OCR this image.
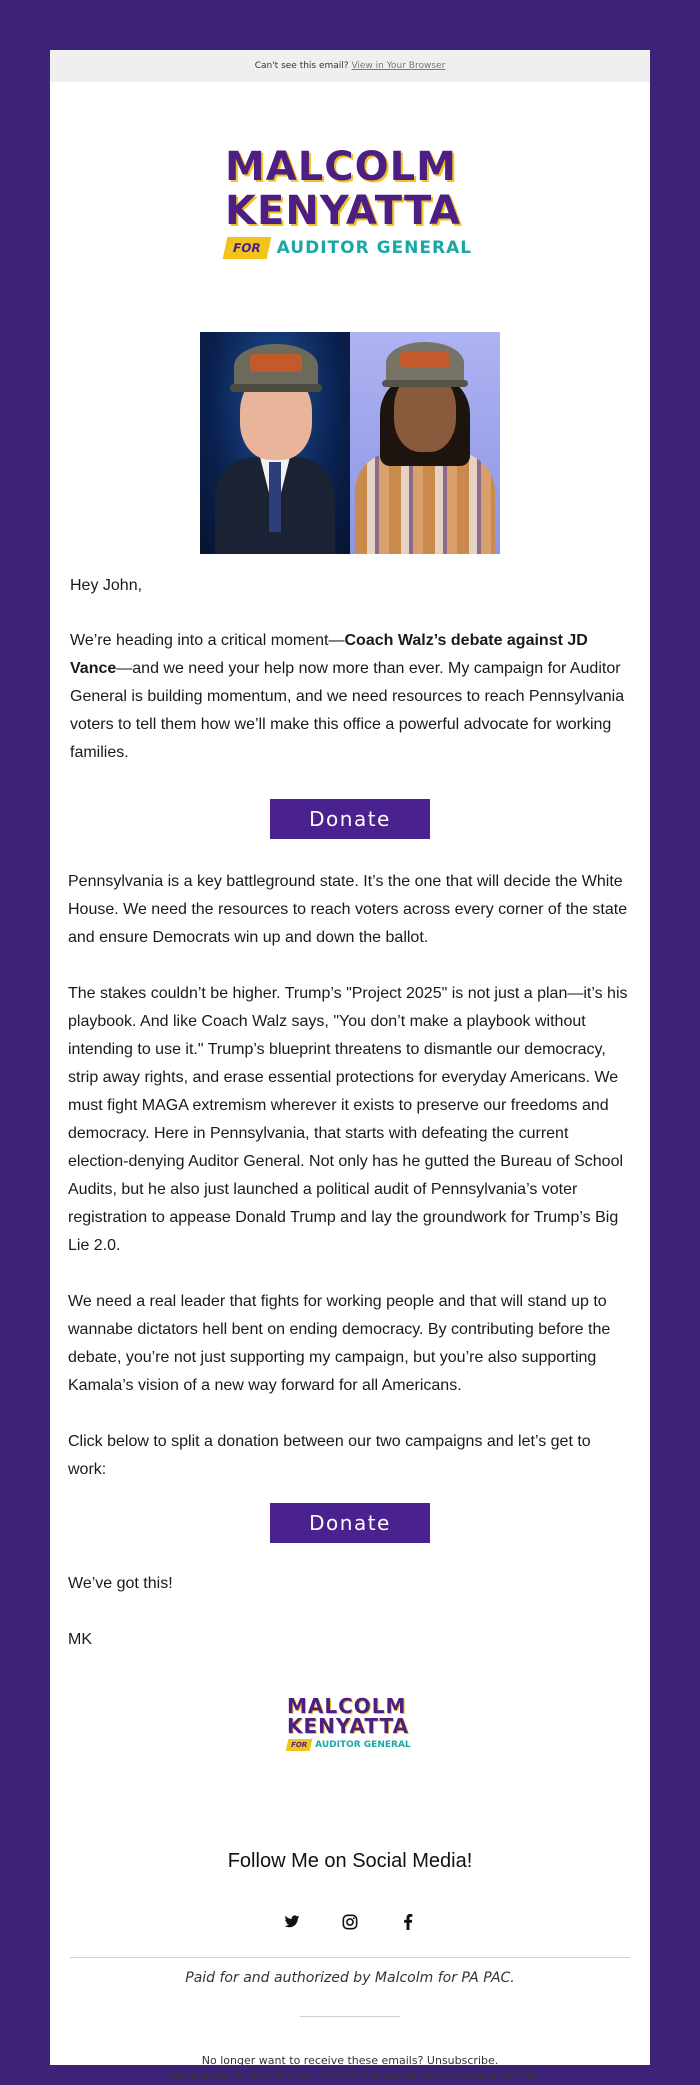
Can't see this email? View in Your Browser
MALCOLM
KENYATTA
FOR AUDITOR GENERAL
Hey John,
We’re heading into a critical moment—Coach Walz’s debate against JD Vance—and we need your help now more than ever. My campaign for Auditor General is building momentum, and we need resources to reach Pennsylvania voters to tell them how we’ll make this office a powerful advocate for working families.
Donate
Pennsylvania is a key battleground state. It’s the one that will decide the White House. We need the resources to reach voters across every corner of the state and ensure Democrats win up and down the ballot.
The stakes couldn’t be higher. Trump’s "Project 2025" is not just a plan—it’s his playbook. And like Coach Walz says, "You don’t make a playbook without intending to use it." Trump’s blueprint threatens to dismantle our democracy, strip away rights, and erase essential protections for everyday Americans. We must fight MAGA extremism wherever it exists to preserve our freedoms and democracy. Here in Pennsylvania, that starts with defeating the current election-denying Auditor General. Not only has he gutted the Bureau of School Audits, but he also just launched a political audit of Pennsylvania’s voter registration to appease Donald Trump and lay the groundwork for Trump’s Big Lie 2.0.
We need a real leader that fights for working people and that will stand up to wannabe dictators hell bent on ending democracy. By contributing before the debate, you’re not just supporting my campaign, but you’re also supporting Kamala’s vision of a new way forward for all Americans.
Click below to split a donation between our two campaigns and let’s get to work:
Donate
We’ve got this!
MK
MALCOLM
KENYATTA
FOR AUDITOR GENERAL
Follow Me on Social Media!
Paid for and authorized by Malcolm for PA PAC.
No longer want to receive these emails? Unsubscribe.
Malcolm for PA PAC PO Box 3307 Philadelphia, Pennsylvania 19130
